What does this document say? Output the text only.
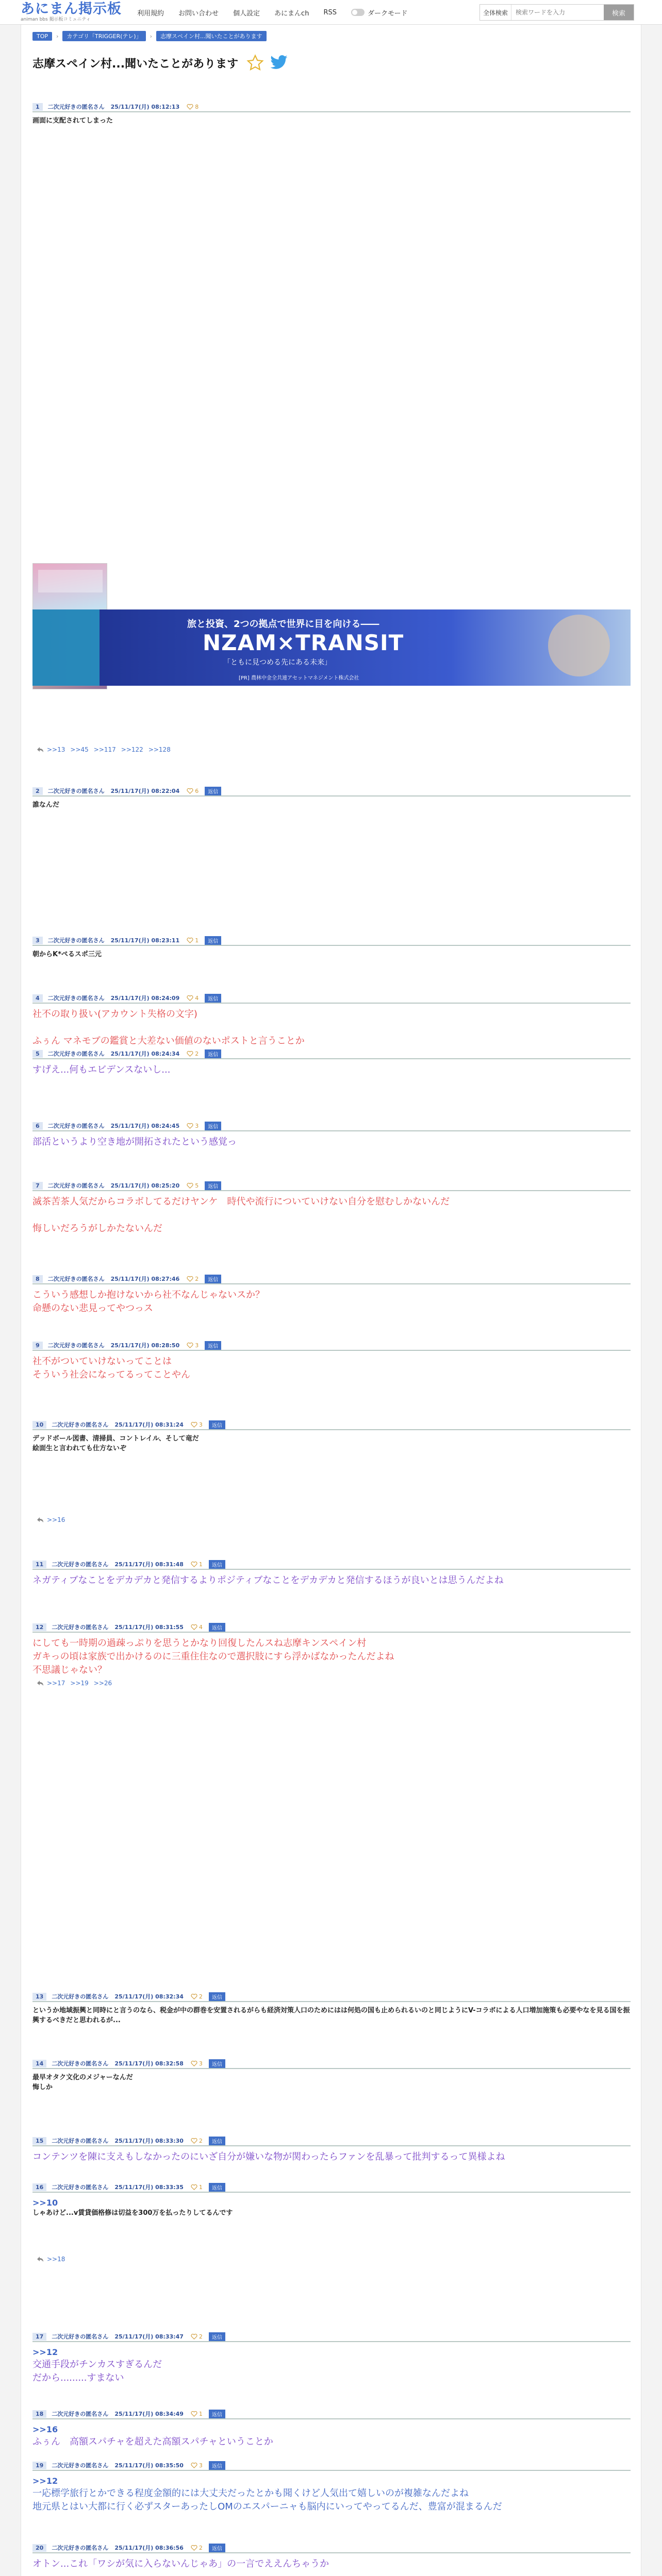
あにまん掲示板
animan bbs 掲示板コミュニティ
利用規約 お問い合わせ 個人設定 あにまんch RSS	ダークモード	全体検索
検索ワードを入力	検索
TOP	›	カテゴリ「TRIGGER(テレ)」	›	志摩スペイン村...聞いたことがあります
志摩スペイン村...聞いたことがあります
1	二次元好きの匿名さん 25/11/17(月) 08:12:13	8
画面に支配されてしまった
2	二次元好きの匿名さん 25/11/17(月) 08:22:04	6	返信
誰なんだ
3	二次元好きの匿名さん 25/11/17(月) 08:23:11	1	返信
朝からK*ぺるスポ三元
4	二次元好きの匿名さん 25/11/17(月) 08:24:09	4	返信
社不の取り扱い(アカウント失格の文字)

ふぅん マネモブの鑑賞と大差ない価値のないポストと言うことか
5	二次元好きの匿名さん 25/11/17(月) 08:24:34	2	返信
すげえ...何もエビデンスないし...
6	二次元好きの匿名さん 25/11/17(月) 08:24:45	3	返信
部活というより空き地が開拓されたという感覚っ
7	二次元好きの匿名さん 25/11/17(月) 08:25:20	5	返信
滅茶苦茶人気だからコラボしてるだけヤンケ　時代や流行についていけない自分を慰むしかないんだ

悔しいだろうがしかたないんだ
8	二次元好きの匿名さん 25/11/17(月) 08:27:46	2	返信
こういう感想しか抱けないから社不なんじゃないスか？
命懸のない悲見ってやつっス
9	二次元好きの匿名さん 25/11/17(月) 08:28:50	3	返信
社不がついていけないってことは
そういう社会になってるってことやん
10	二次元好きの匿名さん 25/11/17(月) 08:31:24	3	返信
デッドボール図書、清掃員、コントレイル、そして竜だ
絵面生と言われても仕方ないぞ
11	二次元好きの匿名さん 25/11/17(月) 08:31:48	1	返信
ネガティブなことをデカデカと発信するよりポジティブなことをデカデカと発信するほうが良いとは思うんだよね
12	二次元好きの匿名さん 25/11/17(月) 08:31:55	4	返信
にしても一時期の過疎っぷりを思うとかなり回復したんスね志摩キンスペイン村
ガキっの頃は家族で出かけるのに三重住住なので選択肢にすら浮かばなかったんだよね
不思議じゃない？
13	二次元好きの匿名さん 25/11/17(月) 08:32:34	2	返信
というか地域振興と同時にと言うのなら、税金が中の群巻を安置されるがらも経済対策人口のためにはは何処の国も止められるいのと同じようにV-コラボによる人口増加施策も必要やなを見る国を振興するべきだと思われるが...
14	二次元好きの匿名さん 25/11/17(月) 08:32:58	3	返信
最早オタク文化のメジャーなんだ
悔しか
15	二次元好きの匿名さん 25/11/17(月) 08:33:30	2	返信
コンテンツを陳に支えもしなかったのにいざ自分が嫌いな物が関わったらファンを乱暴って批判するって異様よね
16	二次元好きの匿名さん 25/11/17(月) 08:33:35	1	返信
>>10
しゃあけど...v賃貸価格修は切益を300万を払ったりしてるんです
17	二次元好きの匿名さん 25/11/17(月) 08:33:47	2	返信
>>12
交通手段がチンカスすぎるんだ
だから.........すまない
18	二次元好きの匿名さん 25/11/17(月) 08:34:49	1	返信
>>16
ふぅん　高額スパチャを超えた高額スパチャということか
19	二次元好きの匿名さん 25/11/17(月) 08:35:50	3	返信
>>12
一応標学旅行とかできる程度金額的には大丈夫だったとかも聞くけど人気出て嬉しいのが複雑なんだよね
地元県とはい大都に行く必ずスターあったしOMのエスパーニャも脳内にいってやってるんだ、豊富が混まるんだ
20	二次元好きの匿名さん 25/11/17(月) 08:36:56	2	返信
オトン...これ「ワシが気に入らないんじゃあ」の一言でええんちゃうか
旅と投資、2つの拠点で世界に目を向ける――
NZAM×TRANSIT
「ともに見つめる先にある未来」
[PR] 農林中金全共連アセットマネジメント株式会社
>>13 >>45 >>117 >>122 >>128
>>16
>>17 >>19 >>26
>>18
